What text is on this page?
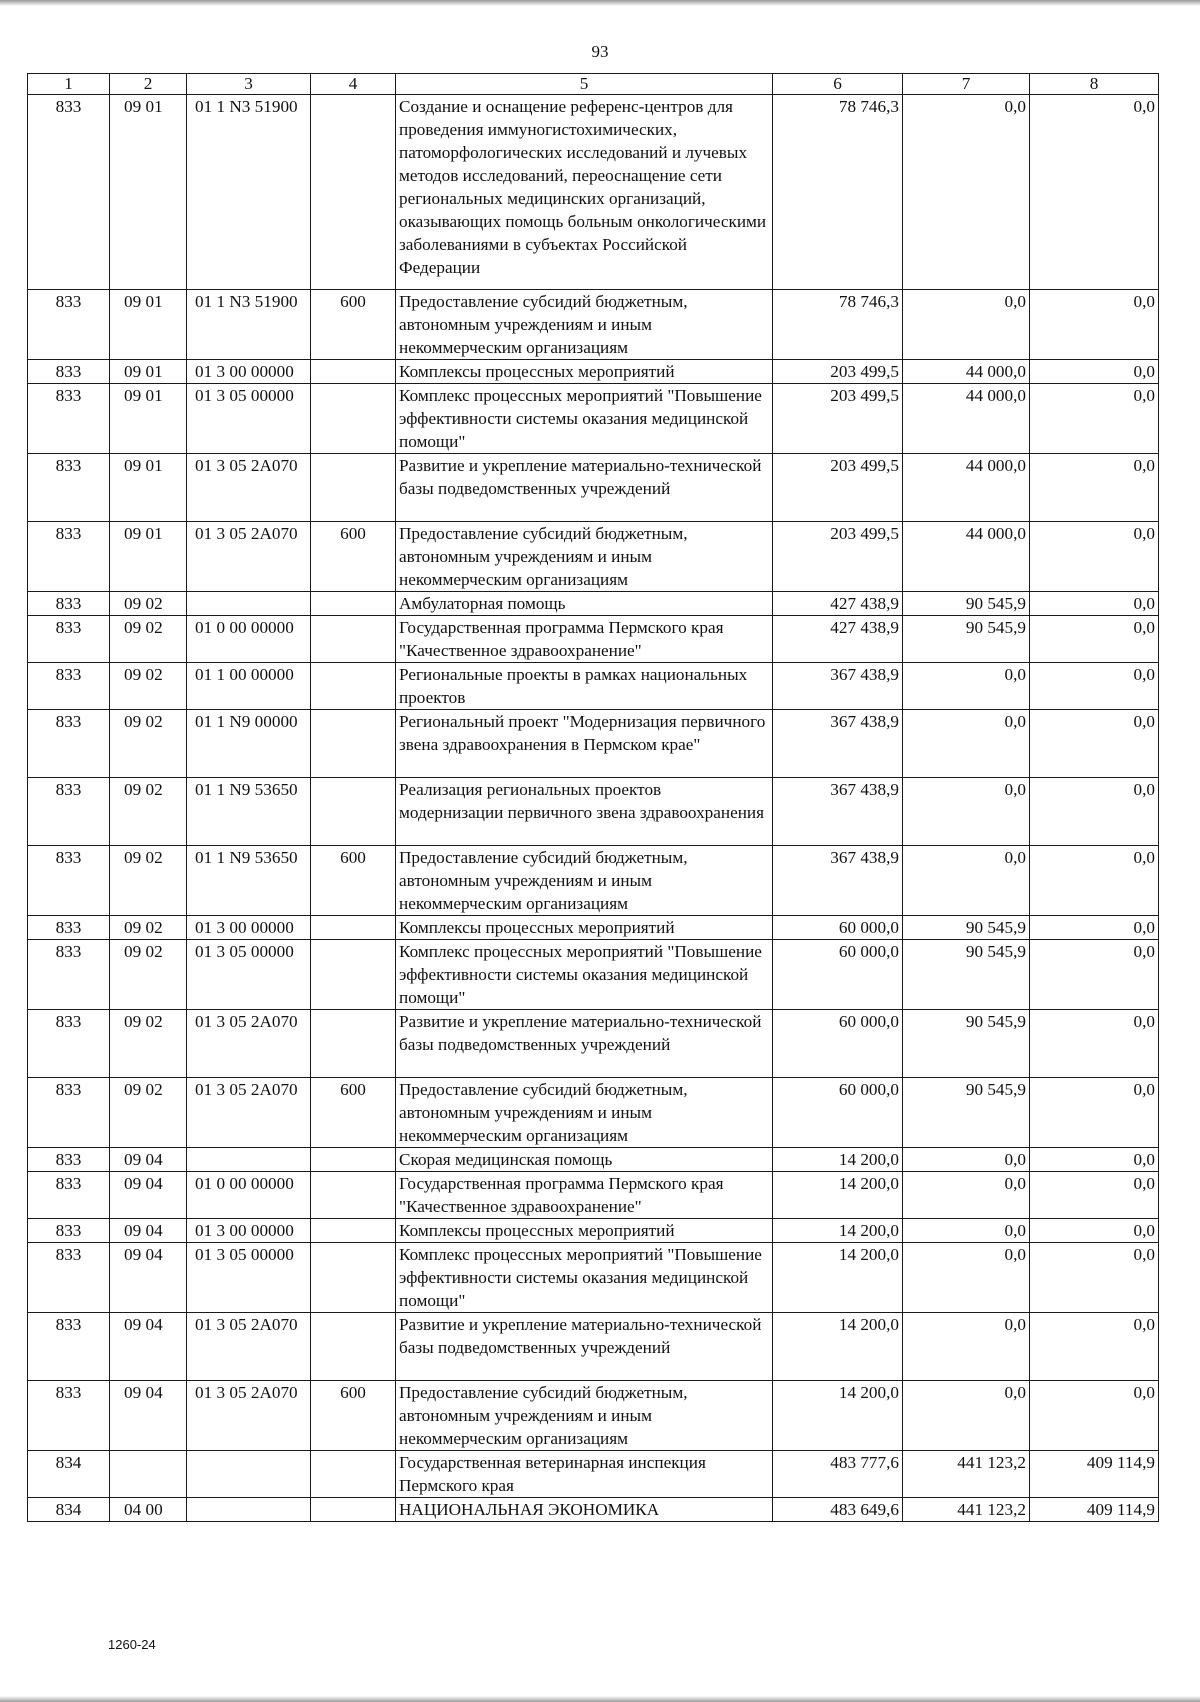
93
1	2	3	4	5	6	7	8
833	09 01	01 1 N3 51900		Создание и оснащение референс-центров для проведения иммуногистохимических, патоморфологических исследований и лучевых методов исследований, переоснащение сети региональных медицинских организаций, оказывающих помощь больным онкологическими заболеваниями в субъектах Российской Федерации	78 746,3	0,0	0,0
833	09 01	01 1 N3 51900	600	Предоставление субсидий бюджетным, автономным учреждениям и иным некоммерческим организациям	78 746,3	0,0	0,0
833	09 01	01 3 00 00000		Комплексы процессных мероприятий	203 499,5	44 000,0	0,0
833	09 01	01 3 05 00000		Комплекс процессных мероприятий "Повышение эффективности системы оказания медицинской помощи"	203 499,5	44 000,0	0,0
833	09 01	01 3 05 2A070		Развитие и укрепление материально-технической базы подведомственных учреждений	203 499,5	44 000,0	0,0
833	09 01	01 3 05 2A070	600	Предоставление субсидий бюджетным, автономным учреждениям и иным некоммерческим организациям	203 499,5	44 000,0	0,0
833	09 02			Амбулаторная помощь	427 438,9	90 545,9	0,0
833	09 02	01 0 00 00000		Государственная программа Пермского края "Качественное здравоохранение"	427 438,9	90 545,9	0,0
833	09 02	01 1 00 00000		Региональные проекты в рамках национальных проектов	367 438,9	0,0	0,0
833	09 02	01 1 N9 00000		Региональный проект "Модернизация первичного звена здравоохранения в Пермском крае"	367 438,9	0,0	0,0
833	09 02	01 1 N9 53650		Реализация региональных проектов модернизации первичного звена здравоохранения	367 438,9	0,0	0,0
833	09 02	01 1 N9 53650	600	Предоставление субсидий бюджетным, автономным учреждениям и иным некоммерческим организациям	367 438,9	0,0	0,0
833	09 02	01 3 00 00000		Комплексы процессных мероприятий	60 000,0	90 545,9	0,0
833	09 02	01 3 05 00000		Комплекс процессных мероприятий "Повышение эффективности системы оказания медицинской помощи"	60 000,0	90 545,9	0,0
833	09 02	01 3 05 2A070		Развитие и укрепление материально-технической базы подведомственных учреждений	60 000,0	90 545,9	0,0
833	09 02	01 3 05 2A070	600	Предоставление субсидий бюджетным, автономным учреждениям и иным некоммерческим организациям	60 000,0	90 545,9	0,0
833	09 04			Скорая медицинская помощь	14 200,0	0,0	0,0
833	09 04	01 0 00 00000		Государственная программа Пермского края "Качественное здравоохранение"	14 200,0	0,0	0,0
833	09 04	01 3 00 00000		Комплексы процессных мероприятий	14 200,0	0,0	0,0
833	09 04	01 3 05 00000		Комплекс процессных мероприятий "Повышение эффективности системы оказания медицинской помощи"	14 200,0	0,0	0,0
833	09 04	01 3 05 2A070		Развитие и укрепление материально-технической базы подведомственных учреждений	14 200,0	0,0	0,0
833	09 04	01 3 05 2A070	600	Предоставление субсидий бюджетным, автономным учреждениям и иным некоммерческим организациям	14 200,0	0,0	0,0
834				Государственная ветеринарная инспекция Пермского края	483 777,6	441 123,2	409 114,9
834	04 00			НАЦИОНАЛЬНАЯ ЭКОНОМИКА	483 649,6	441 123,2	409 114,9
1260-24
